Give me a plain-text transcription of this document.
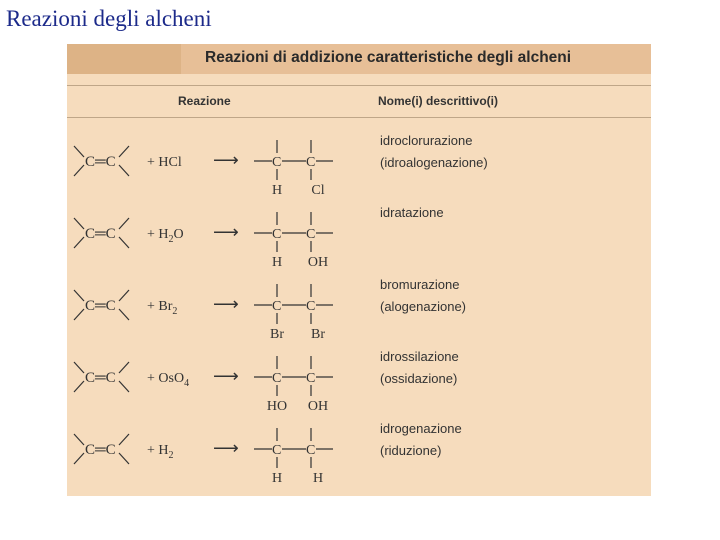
Reazioni degli alcheni
Reazioni di addizione caratteristiche degli alcheni
Reazione	Nome(i) descrittivo(i)
C═C + HCl ⟶ C C
H Cl
idroclorurazione
(idroalogenazione)
C═C + $H_2O$ ⟶ C C
H OH
idratazione
C═C + $Br_2$ ⟶ C C
Br Br
bromurazione
(alogenazione)
C═C + OsO$_4$ ⟶ C C
HO OH
idrossilazione
(ossidazione)
C═C + $H_2$ ⟶ C C
H H
idrogenazione
(riduzione)
